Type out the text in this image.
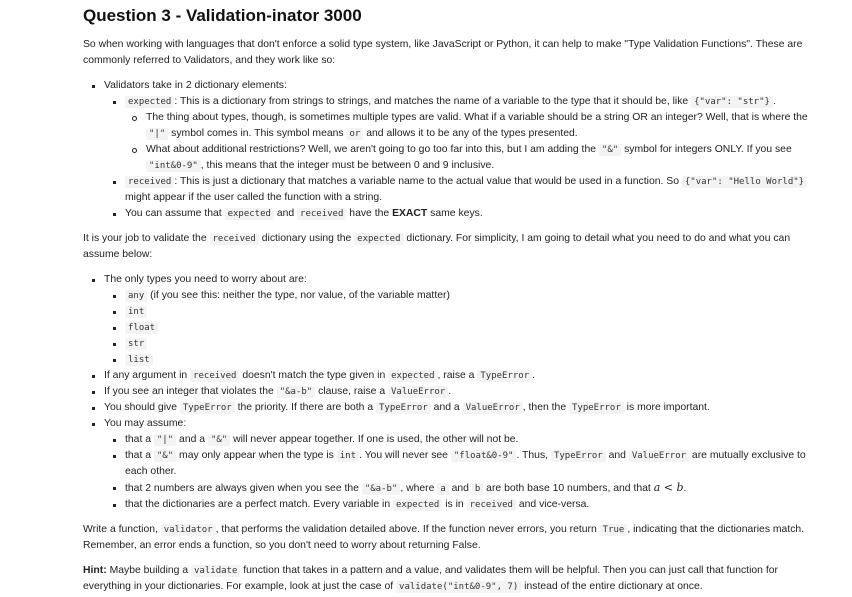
Question 3 - Validation-inator 3000

So when working with languages that don't enforce a solid type system, like JavaScript or Python, it can help to make "Type Validation Functions". These are commonly referred to Validators, and they work like so:

Validators take in 2 dictionary elements:
expected : This is a dictionary from strings to strings, and matches the name of a variable to the type that it should be, like {"var": "str"} .
The thing about types, though, is sometimes multiple types are valid. What if a variable should be a string OR an integer? Well, that is where the "|" symbol comes in. This symbol means or and allows it to be any of the types presented.
What about additional restrictions? Well, we aren't going to go too far into this, but I am adding the "&" symbol for integers ONLY. If you see "int&0-9" , this means that the integer must be between 0 and 9 inclusive.
received : This is just a dictionary that matches a variable name to the actual value that would be used in a function. So {"var": "Hello World"} might appear if the user called the function with a string.
You can assume that expected and received have the EXACT same keys.

It is your job to validate the received dictionary using the expected dictionary. For simplicity, I am going to detail what you need to do and what you can assume below:

The only types you need to worry about are:
any (if you see this: neither the type, nor value, of the variable matter)
int
float
str
list
If any argument in received doesn't match the type given in expected , raise a TypeError .
If you see an integer that violates the "&a-b" clause, raise a ValueError .
You should give TypeError the priority. If there are both a TypeError and a ValueError , then the TypeError is more important.
You may assume:
that a "|" and a "&" will never appear together. If one is used, the other will not be.
that a "&" may only appear when the type is int . You will never see "float&0-9" . Thus, TypeError and ValueError are mutually exclusive to each other.
that 2 numbers are always given when you see the "&a-b" , where a and b are both base 10 numbers, and that a < b.
that the dictionaries are a perfect match. Every variable in expected is in received and vice-versa.

Write a function, validator , that performs the validation detailed above. If the function never errors, you return True , indicating that the dictionaries match. Remember, an error ends a function, so you don't need to worry about returning False.

Hint: Maybe building a validate function that takes in a pattern and a value, and validates them will be helpful. Then you can just call that function for everything in your dictionaries. For example, look at just the case of validate("int&0-9", 7) instead of the entire dictionary at once.
